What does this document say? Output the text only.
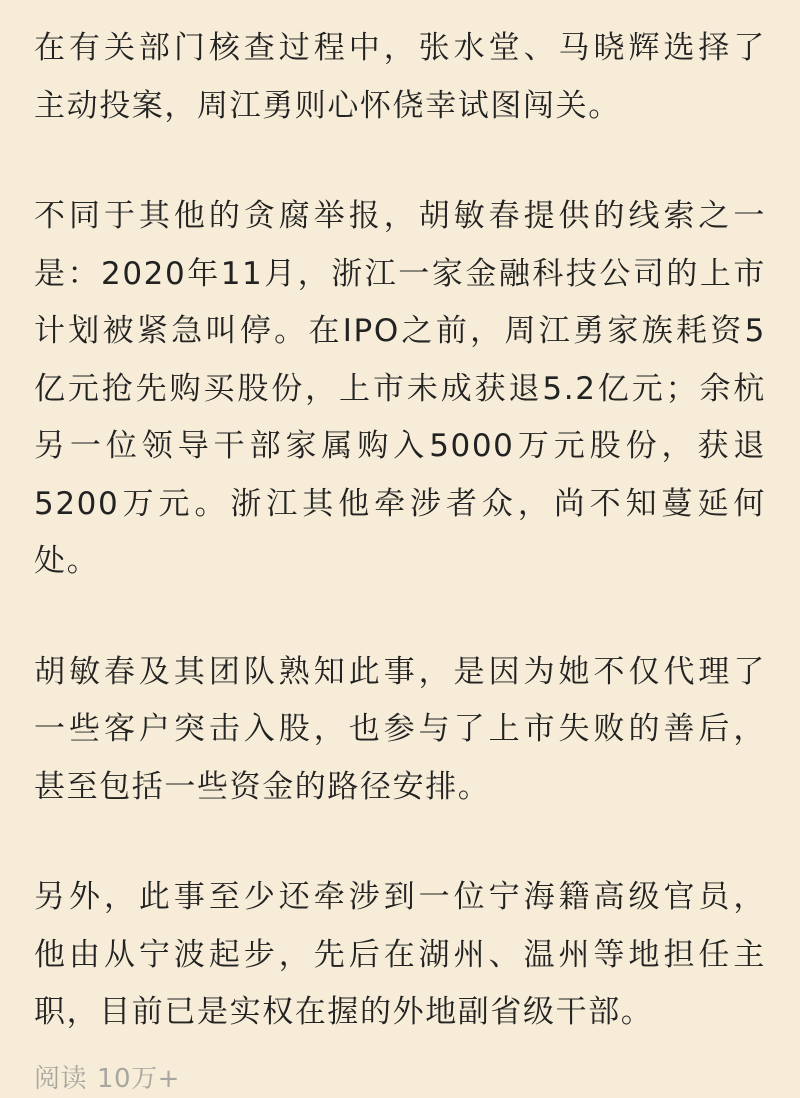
在有关部门核查过程中，张水堂、马晓辉选择了
主动投案，周江勇则心怀侥幸试图闯关。

不同于其他的贪腐举报，胡敏春提供的线索之一
是：2020年11月，浙江一家金融科技公司的上市
计划被紧急叫停。在IPO之前，周江勇家族耗资5
亿元抢先购买股份，上市未成获退5.2亿元；余杭
另一位领导干部家属购入5000万元股份，获退
5200万元。浙江其他牵涉者众，尚不知蔓延何
处。

胡敏春及其团队熟知此事，是因为她不仅代理了
一些客户突击入股，也参与了上市失败的善后，
甚至包括一些资金的路径安排。

另外，此事至少还牵涉到一位宁海籍高级官员，
他由从宁波起步，先后在湖州、温州等地担任主
职，目前已是实权在握的外地副省级干部。

阅读 10万+
